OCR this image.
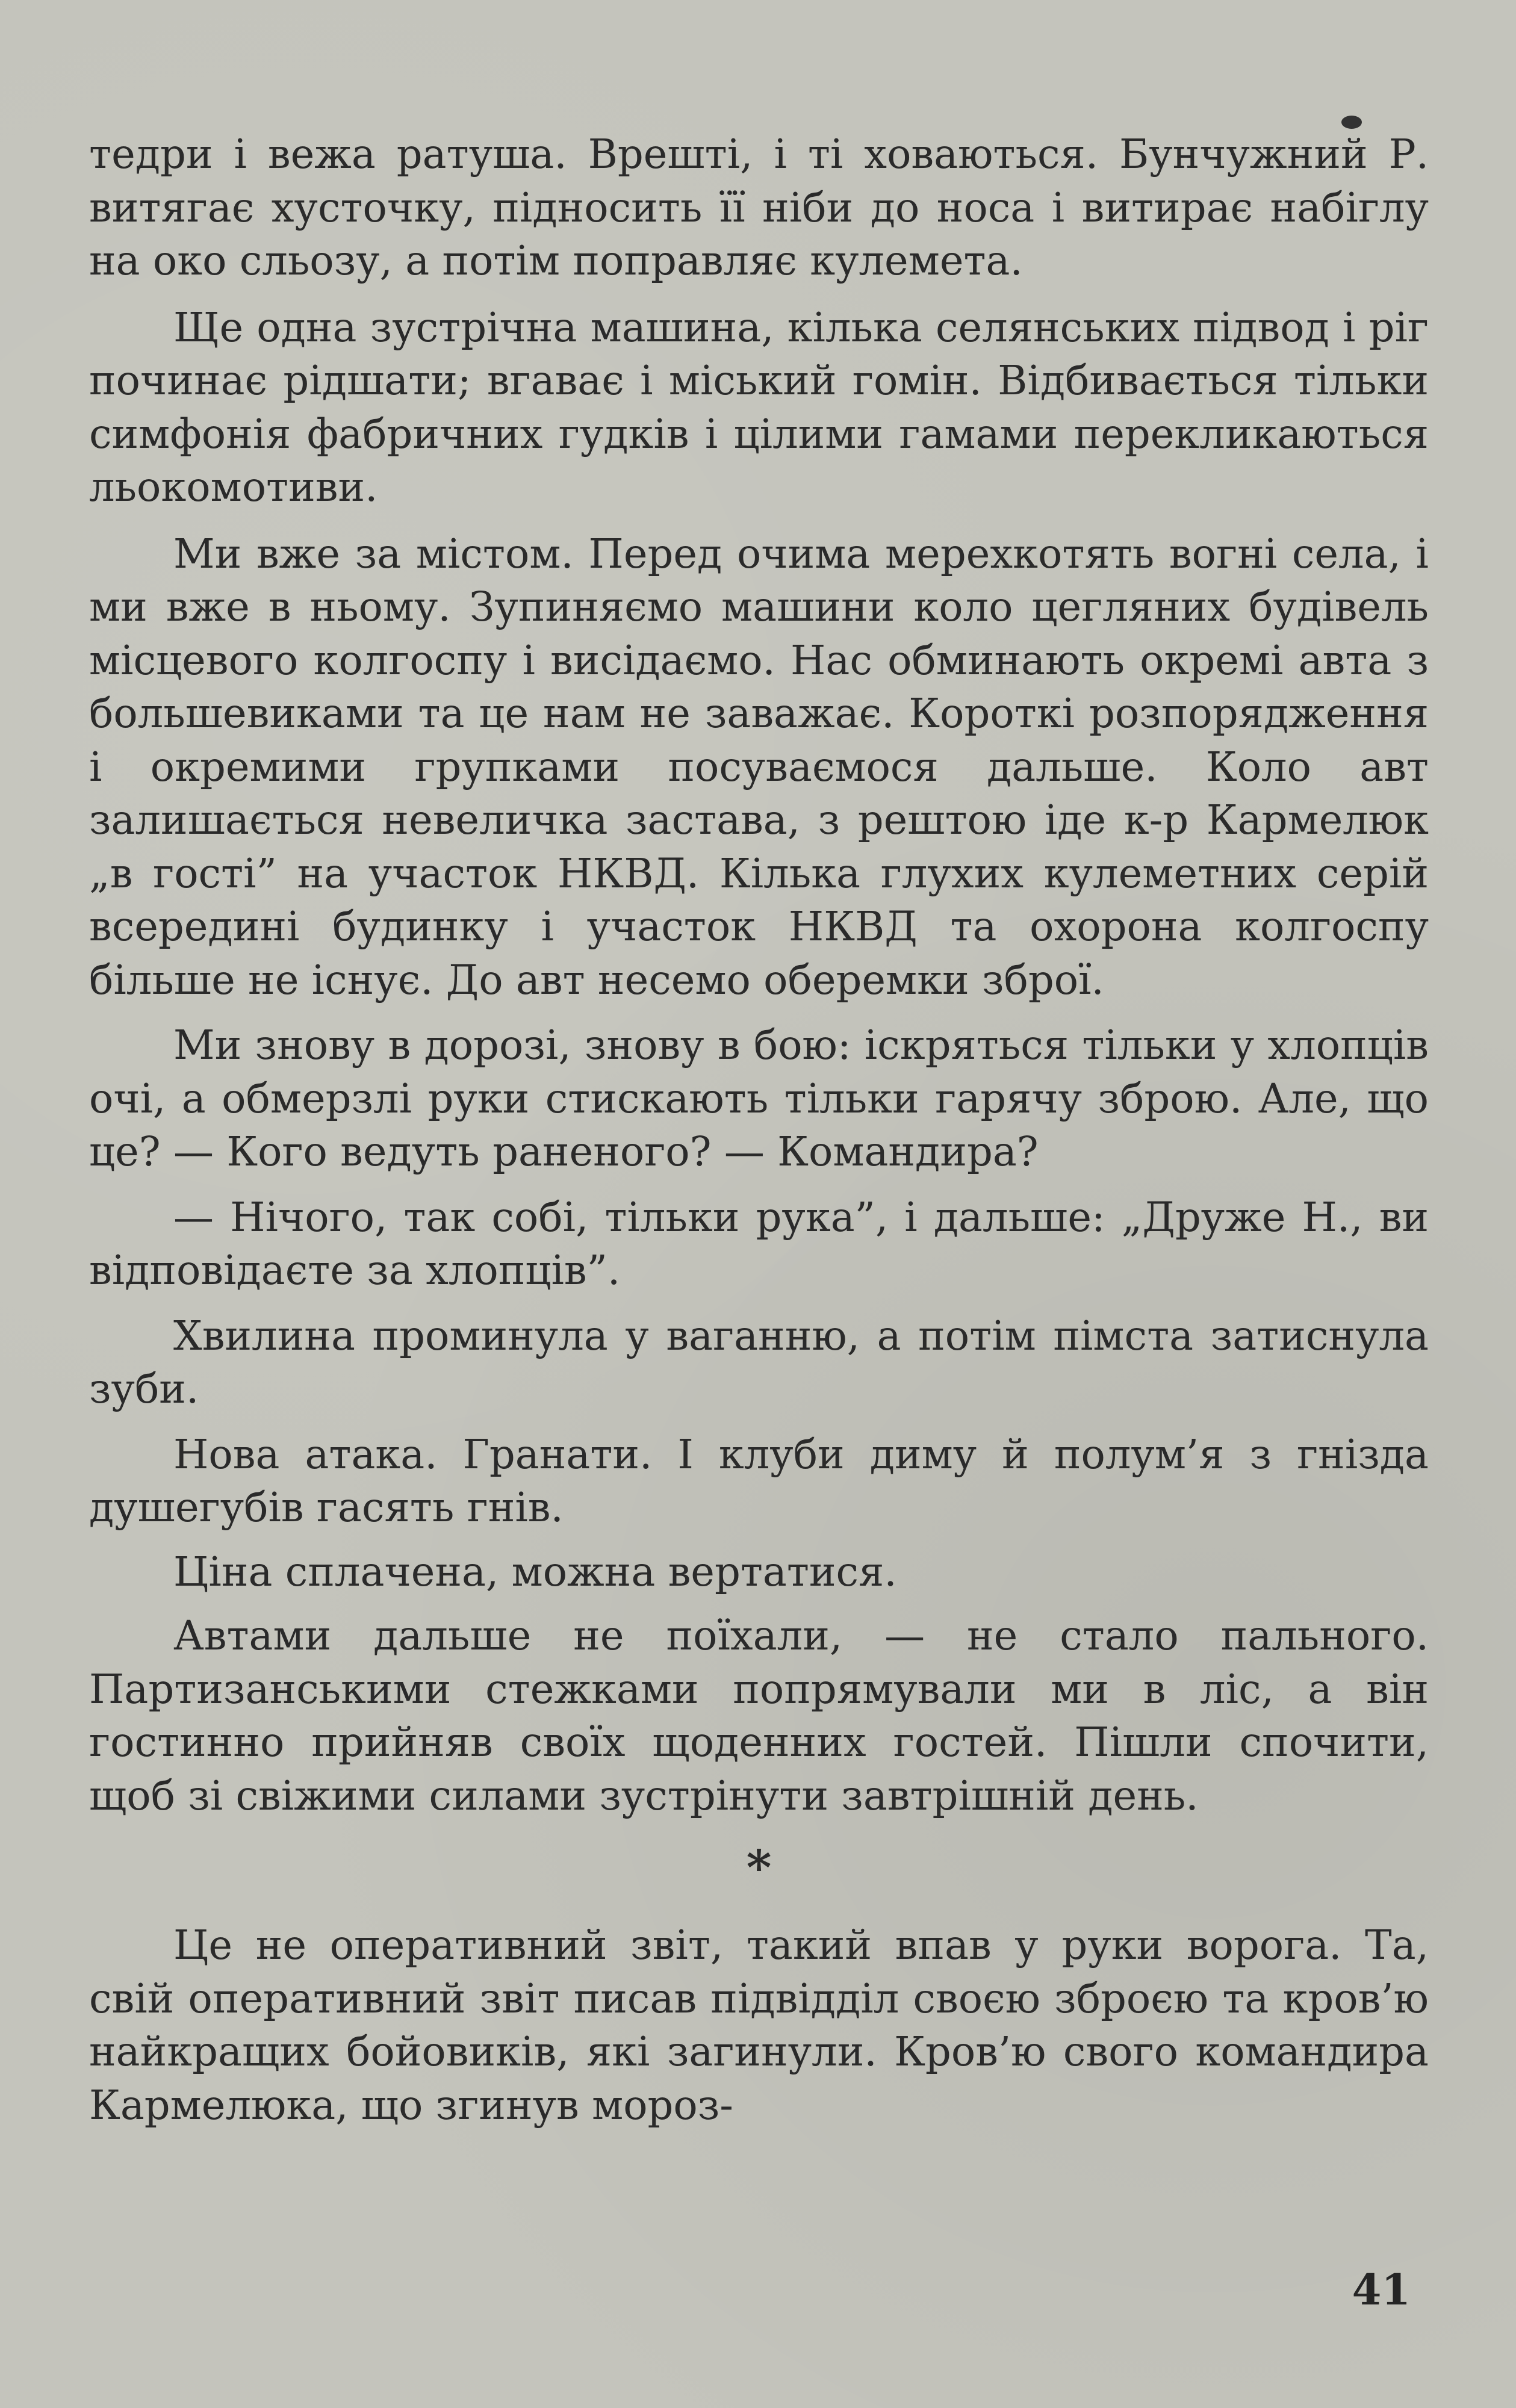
тедри і вежа ратуша. Врешті, і ті ховаються. Бунчужний Р. витягає хусточку, підносить її ніби до носа і витирає набіглу на око сльозу, а потім поправляє кулемета.

Ще одна зустрічна машина, кілька селянських підвод і ріг починає рідшати; вгаває і міський гомін. Відбивається тільки симфонія фабричних гудків і цілими гамами перекликаються льокомотиви.

Ми вже за містом. Перед очима мерехкотять вогні села, і ми вже в ньому. Зупиняємо машини коло цегляних будівель місцевого колгоспу і висідаємо. Нас обминають окремі авта з большевиками та це нам не заважає. Короткі розпорядження і окремими групками посуваємося дальше. Коло авт залишається невеличка застава, з рештою іде к-р Кармелюк „в гості” на участок НКВД. Кілька глухих кулеметних серій всередині будинку і участок НКВД та охорона колгоспу більше не існує. До авт несемо оберемки зброї.

Ми знову в дорозі, знову в бою: іскряться тільки у хлопців очі, а обмерзлі руки стискають тільки гарячу зброю. Але, що це? — Кого ведуть раненого? — Командира?

— Нічого, так собі, тільки рука”, і дальше: „Друже Н., ви відповідаєте за хлопців”.

Хвилина проминула у ваганню, а потім пімста затиснула зуби.

Нова атака. Гранати. І клуби диму й полум’я з гнізда душегубів гасять гнів.

Ціна сплачена, можна вертатися.

Автами дальше не поїхали, — не стало пального. Партизанськими стежками попрямували ми в ліс, а він гостинно прийняв своїх щоденних гостей. Пішли спочити, щоб зі свіжими силами зустрінути завтрішній день.

*

Це не оперативний звіт, такий впав у руки ворога. Та, свій оперативний звіт писав підвідділ своєю зброєю та кров’ю найкращих бойовиків, які загинули. Кров’ю свого командира Кармелюка, що згинув мороз-

41
